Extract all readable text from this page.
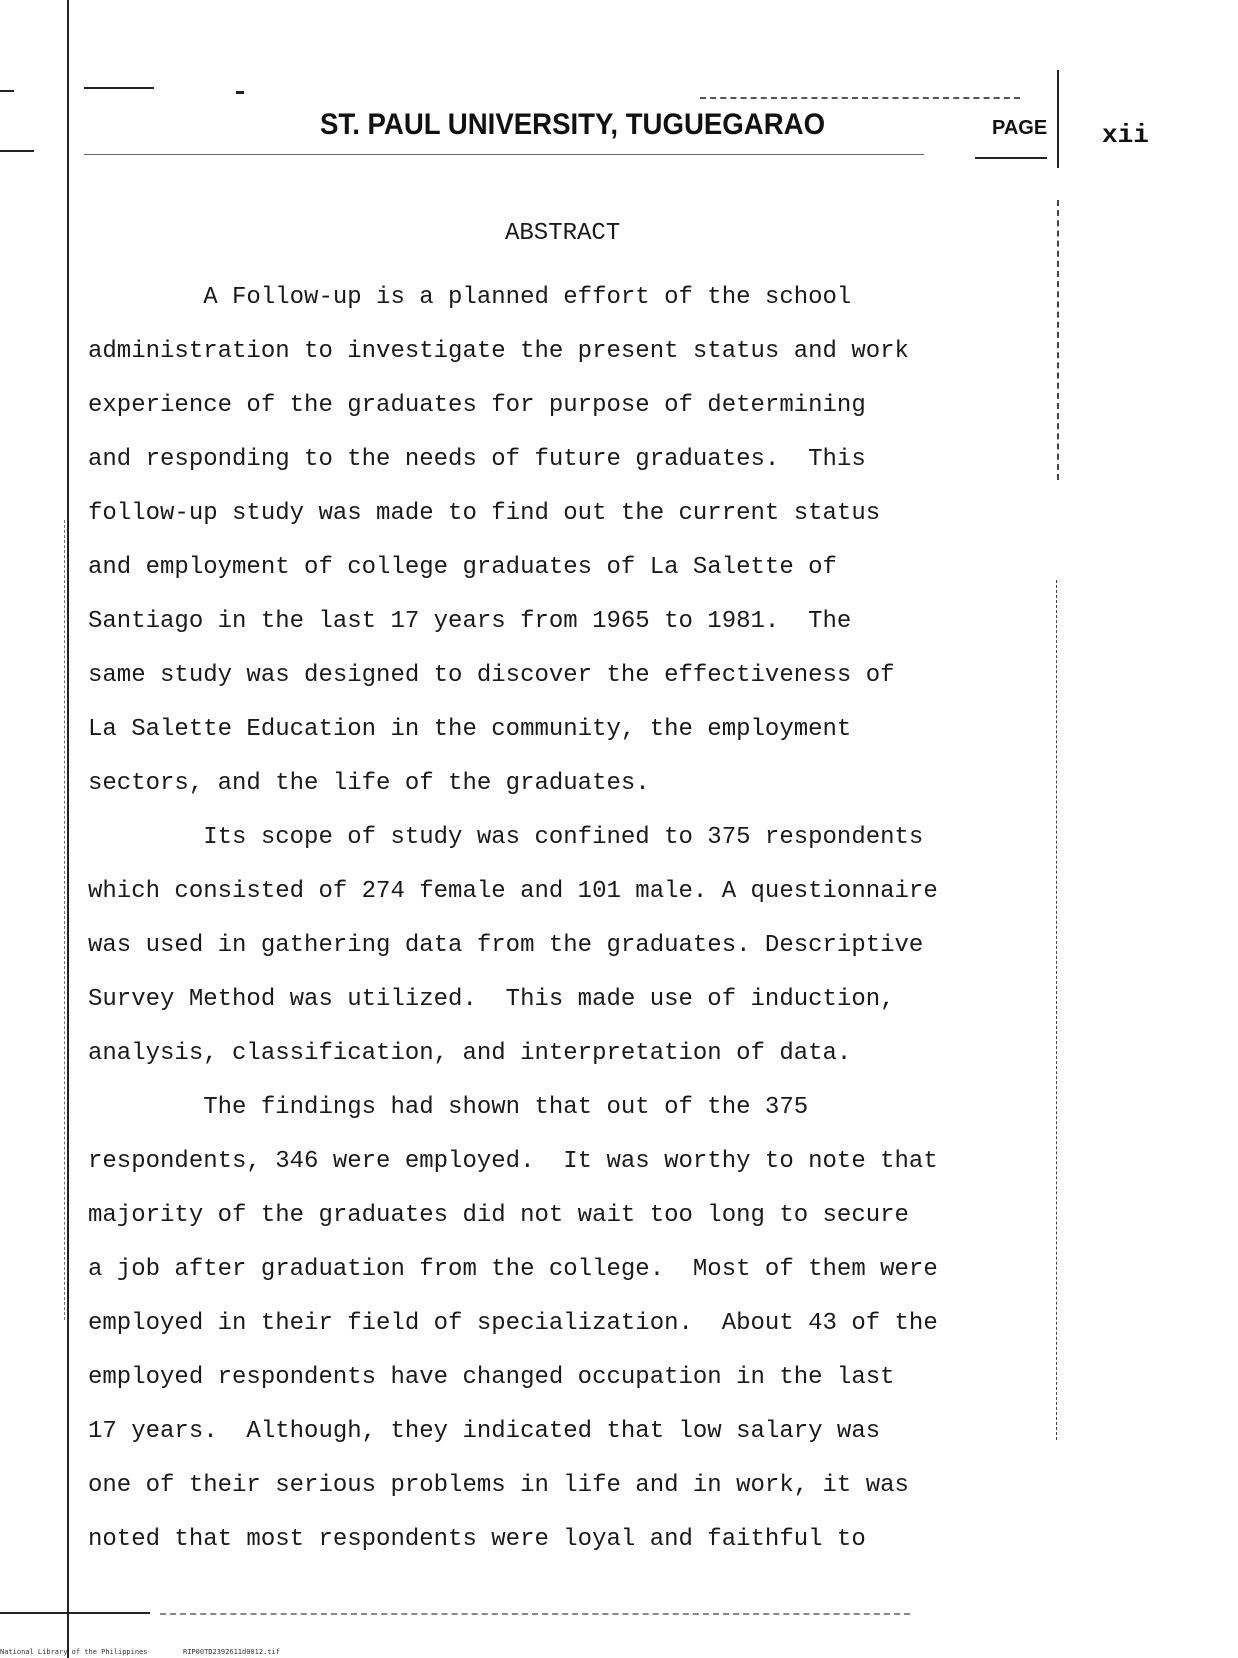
ST. PAUL UNIVERSITY, TUGUEGARAO	PAGE xii
ABSTRACT
A Follow-up is a planned effort of the school
administration to investigate the present status and work
experience of the graduates for purpose of determining
and responding to the needs of future graduates.  This
follow-up study was made to find out the current status
and employment of college graduates of La Salette of
Santiago in the last 17 years from 1965 to 1981.  The
same study was designed to discover the effectiveness of
La Salette Education in the community, the employment
sectors, and the life of the graduates.
Its scope of study was confined to 375 respondents
which consisted of 274 female and 101 male. A questionnaire
was used in gathering data from the graduates. Descriptive
Survey Method was utilized.  This made use of induction,
analysis, classification, and interpretation of data.
The findings had shown that out of the 375
respondents, 346 were employed.  It was worthy to note that
majority of the graduates did not wait too long to secure
a job after graduation from the college.  Most of them were
employed in their field of specialization.  About 43 of the
employed respondents have changed occupation in the last
17 years.  Although, they indicated that low salary was
one of their serious problems in life and in work, it was
noted that most respondents were loyal and faithful to
National Library of the Philippines	RIP00TD2392611d0012.tif
